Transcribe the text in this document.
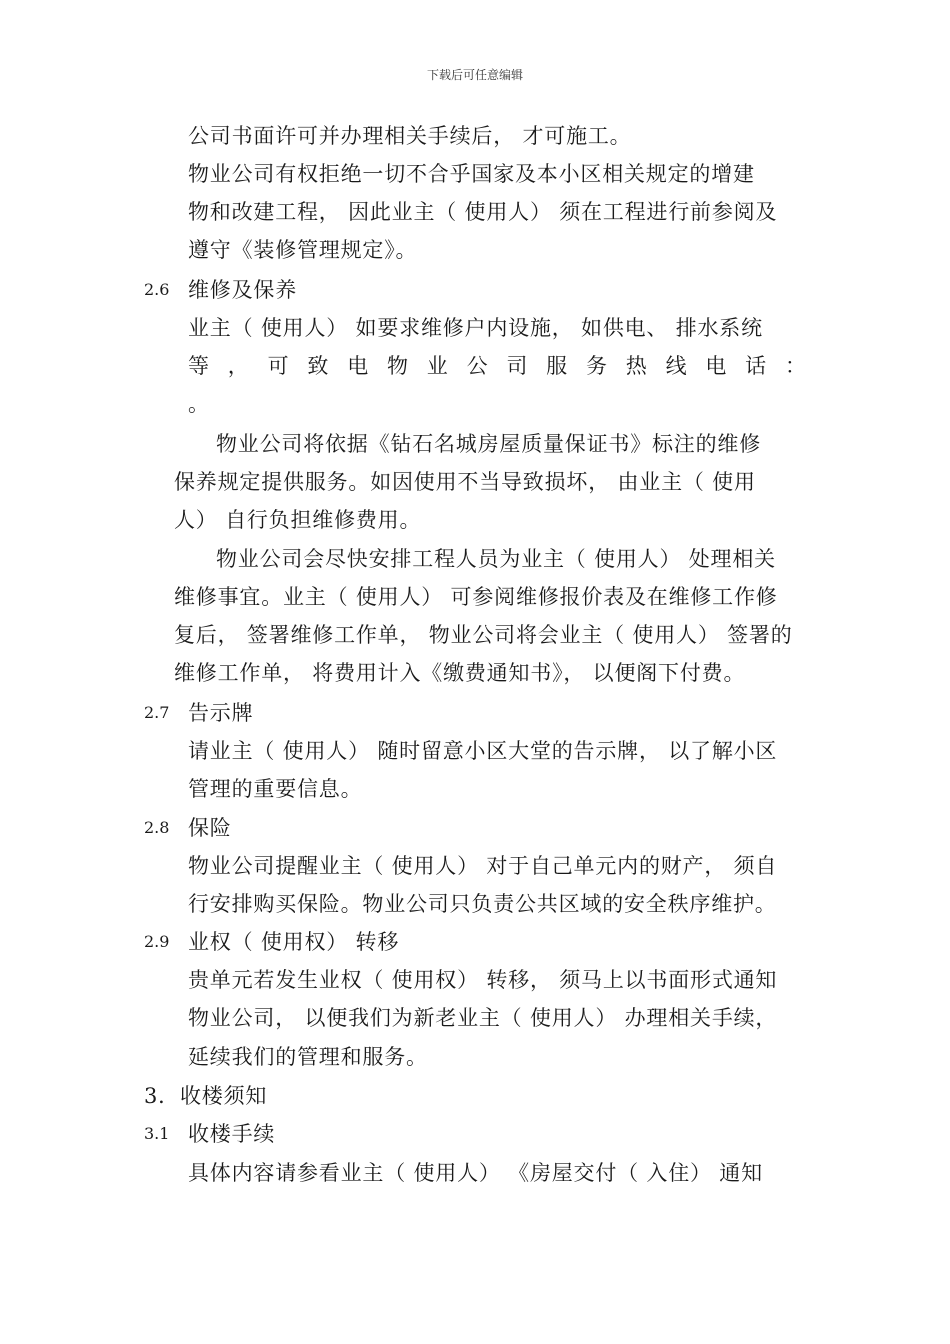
下载后可任意编辑
公司书面许可并办理相关手续后， 才可施工。
物业公司有权拒绝一切不合乎国家及本小区相关规定的增建
物和改建工程， 因此业主（ 使用人） 须在工程进行前参阅及
遵守《装修管理规定》。
2.6 维修及保养
业主（ 使用人） 如要求维修户内设施， 如供电、 排水系统
等 ， 可 致 电 物 业 公 司 服 务 热 线 电 话 ：
。
物业公司将依据《钻石名城房屋质量保证书》标注的维修
保养规定提供服务。如因使用不当导致损坏， 由业主（ 使用
人） 自行负担维修费用。
物业公司会尽快安排工程人员为业主（ 使用人） 处理相关
维修事宜。业主（ 使用人） 可参阅维修报价表及在维修工作修
复后， 签署维修工作单， 物业公司将会业主（ 使用人） 签署的
维修工作单， 将费用计入《缴费通知书》， 以便阁下付费。
2.7 告示牌
请业主（ 使用人） 随时留意小区大堂的告示牌， 以了解小区
管理的重要信息。
2.8 保险
物业公司提醒业主（ 使用人） 对于自己单元内的财产， 须自
行安排购买保险。物业公司只负责公共区域的安全秩序维护。
2.9 业权（ 使用权） 转移
贵单元若发生业权（ 使用权） 转移， 须马上以书面形式通知
物业公司， 以便我们为新老业主（ 使用人） 办理相关手续，
延续我们的管理和服务。
3． 收楼须知
3.1 收楼手续
具体内容请参看业主（ 使用人） 《房屋交付（ 入住） 通知
